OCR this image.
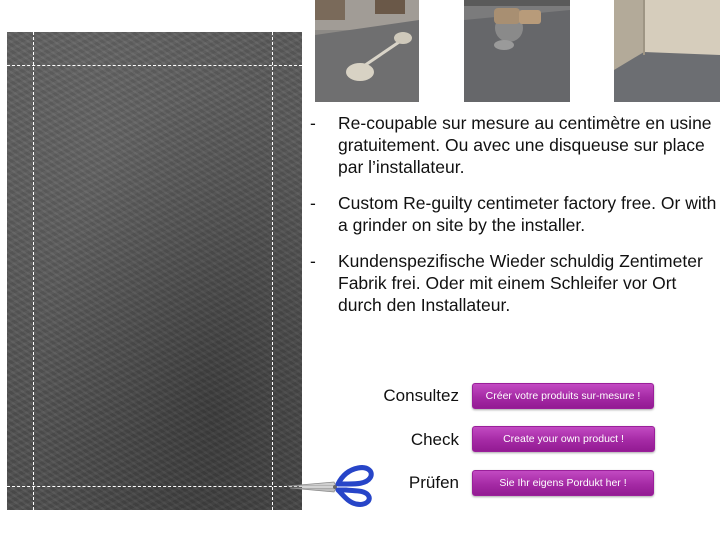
- Re-coupable sur mesure au centimètre en usine gratuitement. Ou avec une disqueuse sur place par l’installateur.
- Custom Re-guilty centimeter factory free. Or with a grinder on site by the installer.
- Kundenspezifische Wieder schuldig Zentimeter Fabrik frei. Oder mit einem Schleifer vor Ort durch den Installateur.
Consultez	Créer votre produits sur-mesure !
Check	Create your own product !
Prüfen	Sie Ihr eigens Pordukt her !
